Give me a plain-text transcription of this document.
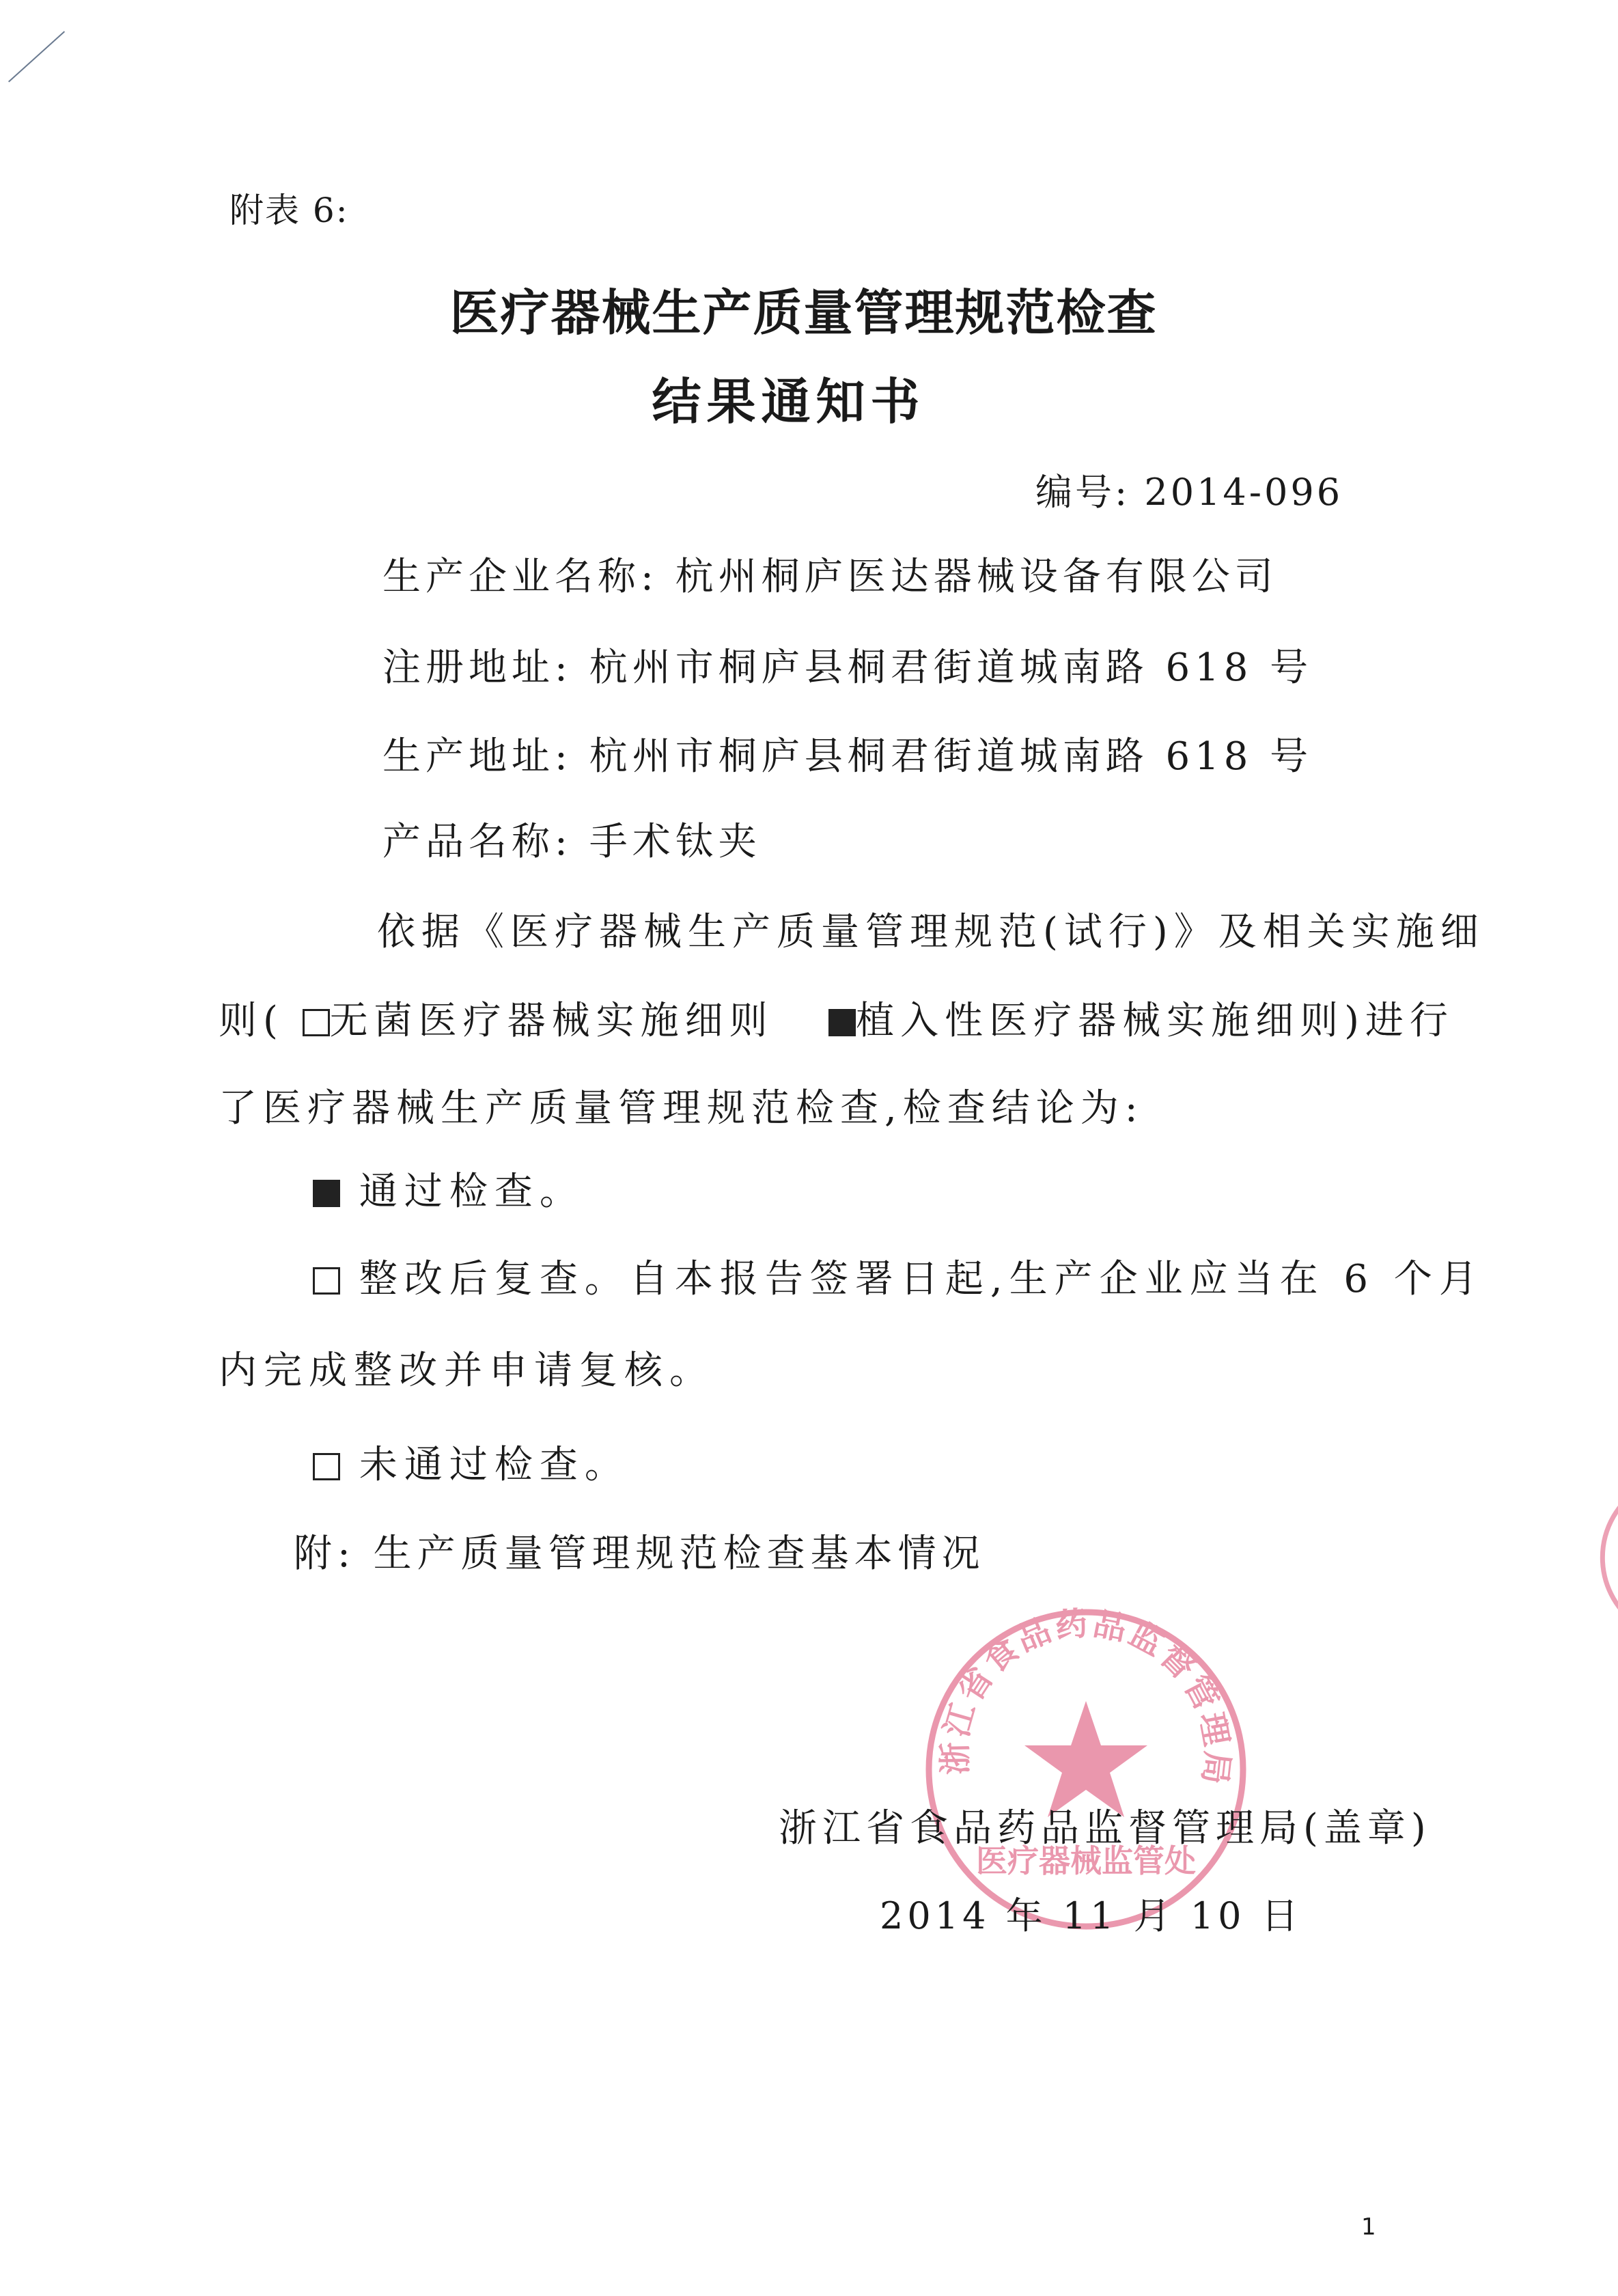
附表 6:
医疗器械生产质量管理规范检查
结果通知书
编号: 2014-096
生产企业名称: 杭州桐庐医达器械设备有限公司
注册地址: 杭州市桐庐县桐君街道城南路 618 号
生产地址: 杭州市桐庐县桐君街道城南路 618 号
产品名称: 手术钛夹
依据《医疗器械生产质量管理规范(试行)》及相关实施细
则( 无菌医疗器械实施细则 植入性医疗器械实施细则)进行
了医疗器械生产质量管理规范检查,检查结论为:
通过检查。
整改后复查。自本报告签署日起,生产企业应当在 6 个月
内完成整改并申请复核。
未通过检查。
附: 生产质量管理规范检查基本情况
浙江省食品药品监督管理局
医疗器械监管处
浙江省食品药品监督管理局(盖章)
2014 年 11 月 10 日
1
